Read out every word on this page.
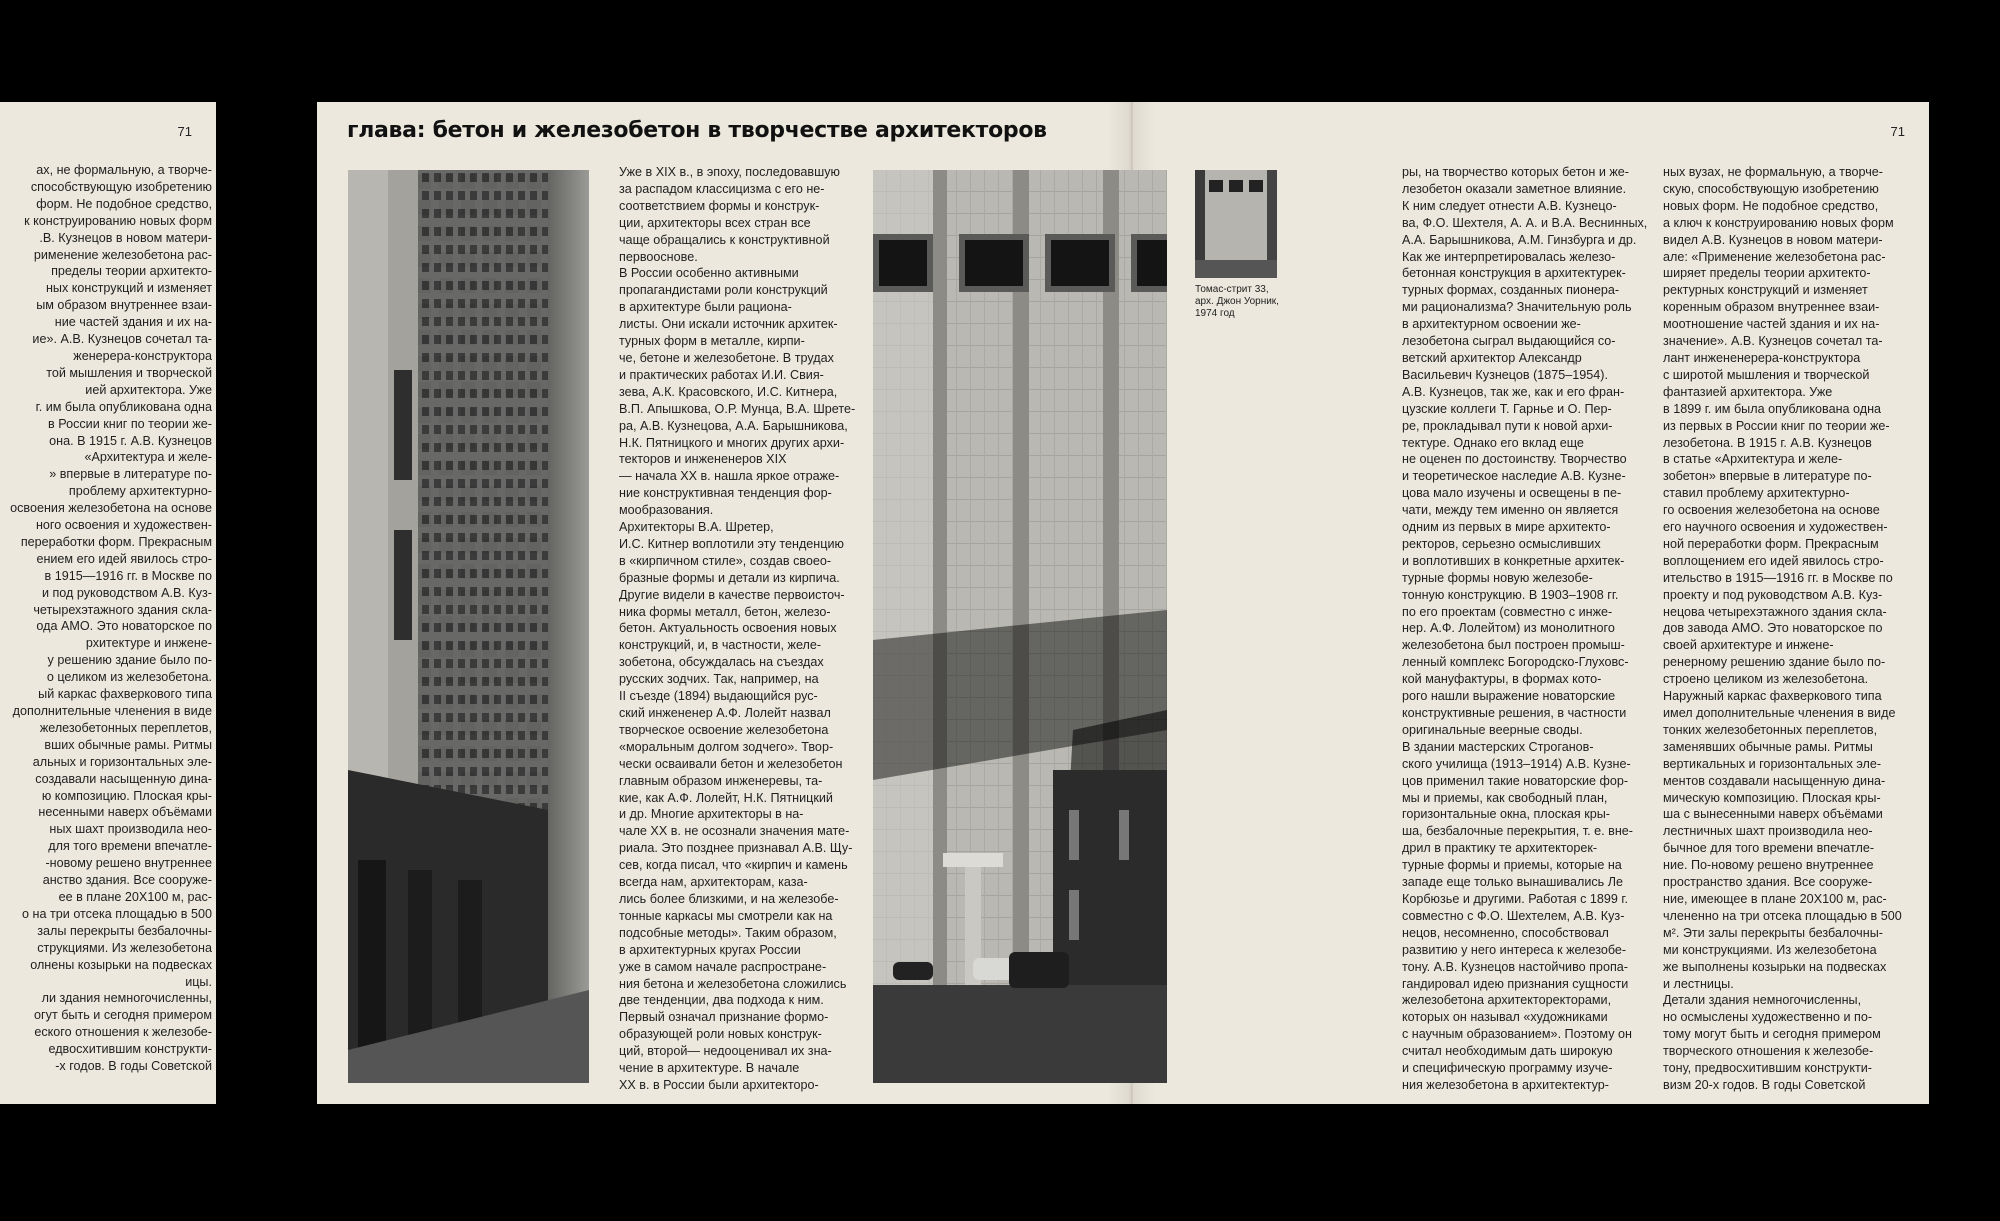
71
ах, не формальную, а творче-
способствующую изобретению
форм. Не подобное средство,
к конструированию новых форм
.В. Кузнецов в новом матери-
рименение железобетона рас-
пределы теории архитекто-
ных конструкций и изменяет
ым образом внутреннее взаи-
ние частей здания и их на-
ие». А.В. Кузнецов сочетал та-
женерерa-конструктора
той мышления и творческой
ией архитектора. Уже
г. им была опубликована одна
в России книг по теории же-
она. В 1915 г. А.В. Кузнецов
«Архитектура и желе-
» впервые в литературе по-
проблему архитектурно-
освоения железобетона на основе
ного освоения и художествен-
переработки форм. Прекрасным
ением его идей явилось стро-
в 1915—1916 гг. в Москве по
и под руководством А.В. Куз-
четырехэтажного здания скла-
ода АМО. Это новаторское по
рхитектуре и инжене-
у решению здание было по-
о целиком из железобетона.
ый каркас фахверкового типа
дополнительные членения в виде
железобетонных переплетов,
вших обычные рамы. Ритмы
альных и горизонтальных эле-
создавали насыщенную дина-
ю композицию. Плоская кры-
несенными наверх объёмами
ных шахт производила нео-
для того времени впечатле-
-новому решено внутреннее
анство здания. Все сооруже-
ее в плане 20Х100 м, рас-
о на три отсека площадью в 500
залы перекрыты безбалочны-
струкциями. Из железобетона
олнены козырьки на подвесках
ицы.
ли здания немногочисленны,
огут быть и сегодня примером
еского отношения к железобе-
едвосхитившим конструкти-
-х годов. В годы Советской
глава: бетон и железобетон в творчестве архитекторов	71
Уже в XIX в., в эпоху, последовавшую
за распадом классицизма с его не-
соответствием формы и конструк-
ции, архитекторы всех стран все
чаще обращались к конструктивной
первооснове.
В России особенно активными
пропагандистами роли конструкций
в архитектуре были рациона-
листы. Они искали источник архитек-
турных форм в металле, кирпи-
че, бетоне и железобетоне. В трудах
и практических работах И.И. Свия-
зева, А.К. Красовского, И.С. Китнера,
В.П. Апышкова, О.Р. Мунца, В.А. Шрете-
ра, А.В. Кузнецова, А.А. Барышникова,
Н.К. Пятницкого и многих других архи-
текторов и инжененеров XIX
— начала XX в. нашла яркое отраже-
ние конструктивная тенденция фор-
мообразования.
Архитекторы В.А. Шретер,
И.С. Китнер воплотили эту тенденцию
в «кирпичном стиле», создав своео-
бразные формы и детали из кирпича.
Другие видели в качестве первоисточ-
ника формы металл, бетон, железо-
бетон. Актуальность освоения новых
конструкций, и, в частности, желе-
зобетона, обсуждалась на съездах
русских зодчих. Так, например, на
II съезде (1894) выдающийся рус-
ский инжененер А.Ф. Лолейт назвал
творческое освоение железобетона
«моральным долгом зодчего». Твор-
чески осваивали бетон и железобетон
главным образом инженеревы, та-
кие, как А.Ф. Лолейт, Н.К. Пятницкий
и др. Многие архитекторы в на-
чале XX в. не осознали значения мате-
риала. Это позднее признавал А.В. Щу-
сев, когда писал, что «кирпич и камень
всегда нам, архитекторам, каза-
лись более близкими, и на железобе-
тонные каркасы мы смотрели как на
подсобные методы». Таким образом,
в архитектурных кругах России
уже в самом начале распростране-
ния бетона и железобетона сложились
две тенденции, два подхода к ним.
Первый означал признание формо-
образующей роли новых конструк-
ций, второй— недооценивал их зна-
чение в архитектуре. В начале
XX в. в России были архитекторо-
Томас-стрит 33,
арх. Джон Уорник,
1974 год
ры, на творчество которых бетон и же-
лезобетон оказали заметное влияние.
К ним следует отнести А.В. Кузнецо-
ва, Ф.О. Шехтеля, А. А. и В.А. Веснинных,
А.А. Барышникова, А.М. Гинзбурга и др.
Как же интерпретировалась железо-
бетонная конструкция в архитектурек-
турных формах, созданных пионера-
ми рационализма? Значительную роль
в архитектурном освоении же-
лезобетона сыграл выдающийся со-
ветский архитектор Александр
Васильевич Кузнецов (1875–1954).
А.В. Кузнецов, так же, как и его фран-
цузские коллеги Т. Гарнье и О. Пер-
ре, прокладывал пути к новой архи-
тектуре. Однако его вклад еще
не оценен по достоинству. Творчество
и теоретическое наследие А.В. Кузне-
цова мало изучены и освещены в пе-
чати, между тем именно он является
одним из первых в мире архитекто-
ректоров, серьезно осмысливших
и воплотивших в конкретные архитек-
турные формы новую железобе-
тонную конструкцию. В 1903–1908 гг.
по его проектам (совместно с инже-
нер. А.Ф. Лолейтом) из монолитного
железобетона был построен промыш-
ленный комплекс Богородско-Глуховс-
кой мануфактуры, в формах кото-
рого нашли выражение новаторские
конструктивные решения, в частности
оригинальные веерные своды.
В здании мастерских Строганов-
ского училища (1913–1914) А.В. Кузне-
цов применил такие новаторские фор-
мы и приемы, как свободный план,
горизонтальные окна, плоская кры-
ша, безбалочные перекрытия, т. е. вне-
дрил в практику те архитекторек-
турные формы и приемы, которые на
западе еще только вынашивались Ле
Корбюзье и другими. Работая с 1899 г.
совместно с Ф.О. Шехтелем, А.В. Куз-
нецов, несомненно, способствовал
развитию у него интереса к железобе-
тону. А.В. Кузнецов настойчиво пропа-
гандировал идею признания сущности
железобетона архитекторектоpами,
которых он называл «художниками
с научным образованием». Поэтому он
считал необходимым дать широкую
и специфическую программу изуче-
ния железобетона в архитектектур-
ных вузах, не формальную, а творче-
скую, способствующую изобретению
новых форм. Не подобное средство,
а ключ к конструированию новых форм
видел А.В. Кузнецов в новом матери-
але: «Применение железобетона рас-
ширяет пределы теории архитекто-
ректурных конструкций и изменяет
коренным образом внутреннее взаи-
моотношение частей здания и их на-
значение». А.В. Кузнецов сочетал та-
лант инжененерерa-конструктора
с широтой мышления и творческой
фантазией архитектора. Уже
в 1899 г. им была опубликована одна
из первых в России книг по теории же-
лезобетона. В 1915 г. А.В. Кузнецов
в статье «Архитектура и желе-
зобетон» впервые в литературе по-
ставил проблему архитектурно-
го освоения железобетона на основе
его научного освоения и художествен-
ной переработки форм. Прекрасным
воплощением его идей явилось стро-
ительство в 1915—1916 гг. в Москве по
проекту и под руководством А.В. Куз-
нецова четырехэтажного здания скла-
дов завода АМО. Это новаторское по
своей архитектуре и инжене-
ренерному решению здание было по-
строено целиком из железобетона.
Наружный каркас фахверкового типа
имел дополнительные членения в виде
тонких железобетонных переплетов,
заменявших обычные рамы. Ритмы
вертикальных и горизонтальных эле-
ментов создавали насыщенную дина-
мическую композицию. Плоская кры-
ша с вынесенными наверх объёмами
лестничных шахт производила нео-
бычное для того времени впечатле-
ние. По-новому решено внутреннее
пространство здания. Все сооруже-
ние, имеющее в плане 20Х100 м, рас-
члененно на три отсека площадью в 500
м². Эти залы перекрыты безбалочны-
ми конструкциями. Из железобетона
же выполнены козырьки на подвесках
и лестницы.
Детали здания немногочисленны,
но осмыслены художественно и по-
тому могут быть и сегодня примером
творческого отношения к железобе-
тону, предвосхитившим конструкти-
визм 20-х годов. В годы Советской
